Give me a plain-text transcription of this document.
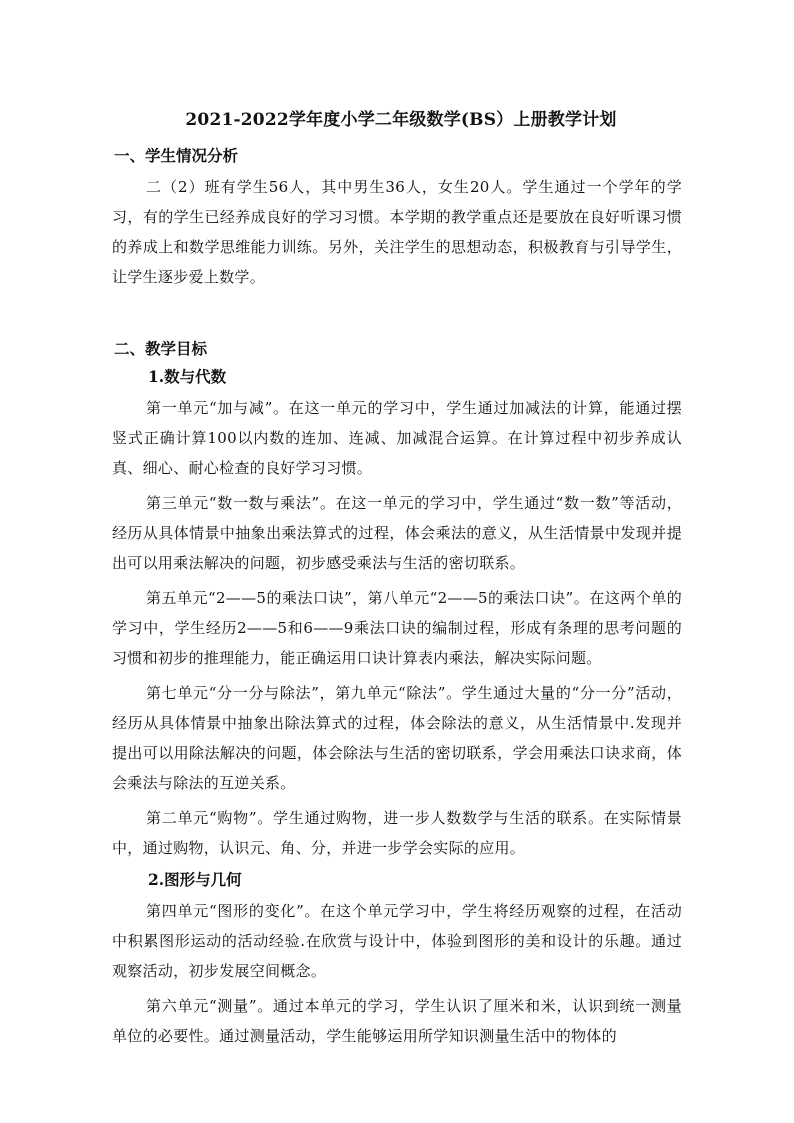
2021-2022学年度小学二年级数学(BS）上册教学计划
一、学生情况分析

二（2）班有学生56人，其中男生36人，女生20人。学生通过一个学年的学习，有的学生已经养成良好的学习习惯。本学期的教学重点还是要放在良好听课习惯的养成上和数学思维能力训练。另外，关注学生的思想动态，积极教育与引导学生，让学生逐步爱上数学。

二、教学目标
1.数与代数

第一单元“加与减”。在这一单元的学习中，学生通过加减法的计算，能通过摆竖式正确计算100以内数的连加、连减、加减混合运算。在计算过程中初步养成认真、细心、耐心检查的良好学习习惯。

第三单元“数一数与乘法”。在这一单元的学习中，学生通过“数一数”等活动，经历从具体情景中抽象出乘法算式的过程，体会乘法的意义，从生活情景中发现并提出可以用乘法解决的问题，初步感受乘法与生活的密切联系。

第五单元“2——5的乘法口诀”，第八单元“2——5的乘法口诀”。在这两个单的学习中，学生经历2——5和6——9乘法口诀的编制过程，形成有条理的思考问题的习惯和初步的推理能力，能正确运用口诀计算表内乘法，解决实际问题。

第七单元“分一分与除法”，第九单元“除法”。学生通过大量的“分一分”活动，经历从具体情景中抽象出除法算式的过程，体会除法的意义，从生活情景中.发现并提出可以用除法解决的问题，体会除法与生活的密切联系，学会用乘法口诀求商，体会乘法与除法的互逆关系。

第二单元“购物”。学生通过购物，进一步人数数学与生活的联系。在实际情景中，通过购物，认识元、角、分，并进一步学会实际的应用。

2.图形与几何

第四单元“图形的变化”。在这个单元学习中，学生将经历观察的过程，在活动中积累图形运动的活动经验.在欣赏与设计中，体验到图形的美和设计的乐趣。通过观察活动，初步发展空间概念。

第六单元“测量”。通过本单元的学习，学生认识了厘米和米，认识到统一测量单位的必要性。通过测量活动，学生能够运用所学知识测量生活中的物体的
